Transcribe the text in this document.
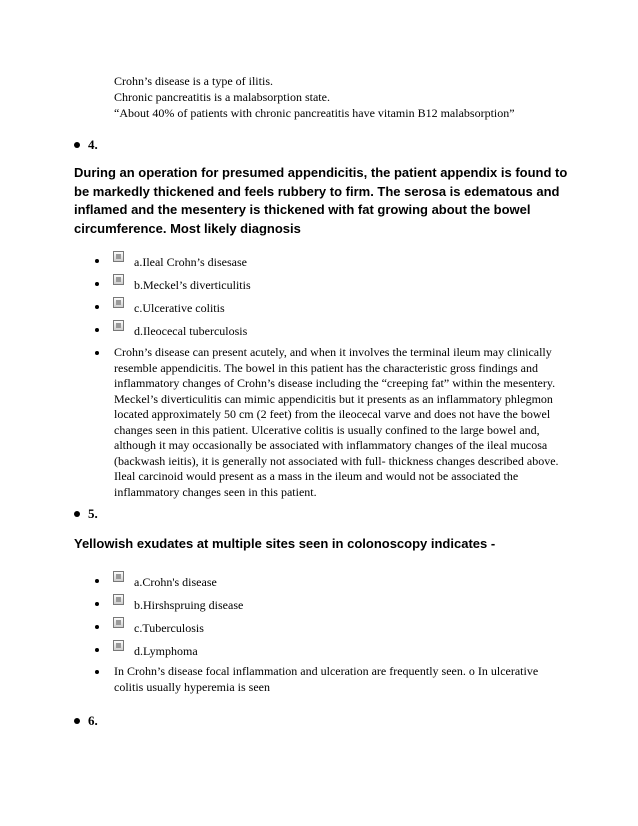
Crohn’s disease is a type of ilitis.
Chronic pancreatitis is a malabsorption state.
“About 40% of patients with chronic pancreatitis have vitamin B12 malabsorption”
4.
During an operation for presumed appendicitis, the patient appendix is found to be markedly thickened and feels rubbery to firm. The serosa is edematous and inflamed and the mesentery is thickened with fat growing about the bowel circumference. Most likely diagnosis
a.Ileal Crohn’s disesase
b.Meckel’s diverticulitis
c.Ulcerative colitis
d.Ileocecal tuberculosis
Crohn’s disease can present acutely, and when it involves the terminal ileum may clinically resemble appendicitis. The bowel in this patient has the characteristic gross findings and inflammatory changes of Crohn’s disease including the “creeping fat” within the mesentery. Meckel’s diverticulitis can mimic appendicitis but it presents as an inflammatory phlegmon located approximately 50 cm (2 feet) from the ileocecal varve and does not have the bowel changes seen in this patient. Ulcerative colitis is usually confined to the large bowel and, although it may occasionally be associated with inflammatory changes of the ileal mucosa (backwash ieitis), it is generally not associated with full- thickness changes described above. Ileal carcinoid would present as a mass in the ileum and would not be associated the inflammatory changes seen in this patient.
5.
Yellowish exudates at multiple sites seen in colonoscopy indicates -
a.Crohn's disease
b.Hirshspruing disease
c.Tuberculosis
d.Lymphoma
In Crohn’s disease focal inflammation and ulceration are frequently seen. o In ulcerative colitis usually hyperemia is seen
6.
